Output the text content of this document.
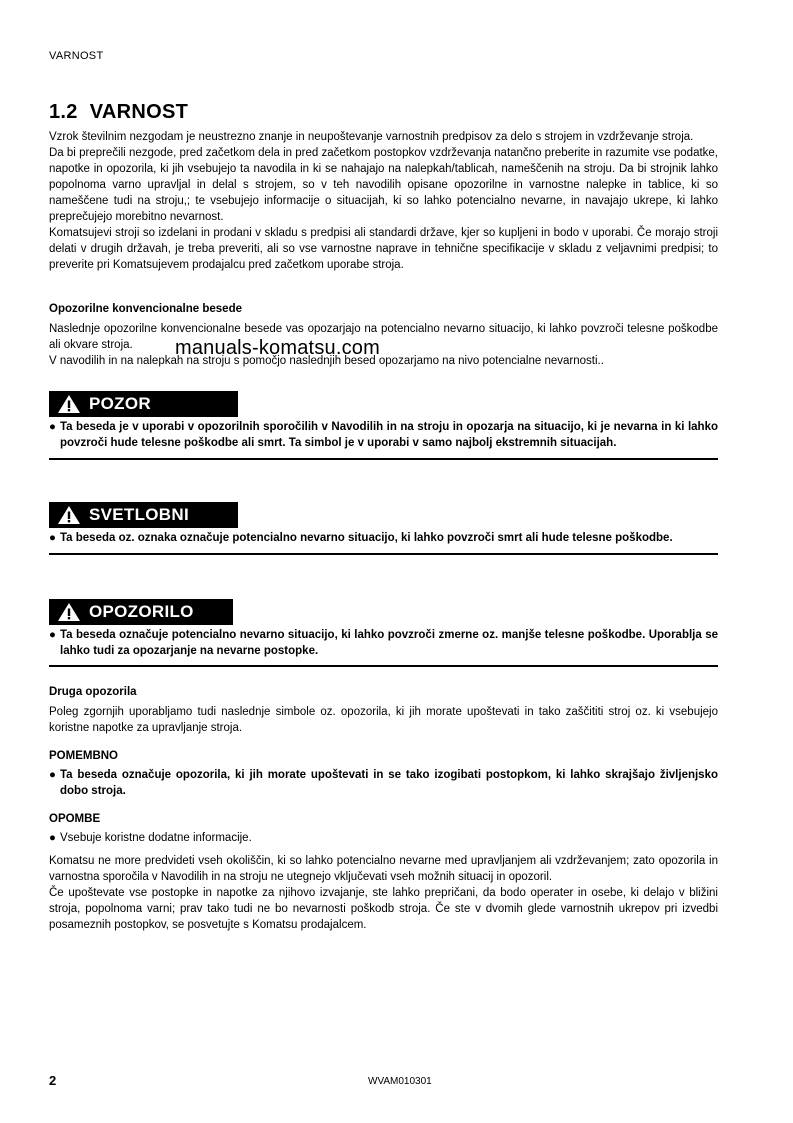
VARNOST
1.2 VARNOST

Vzrok številnim nezgodam je neustrezno znanje in neupoštevanje varnostnih predpisov za delo s strojem in vzdrževanje stroja.

Da bi preprečili nezgode, pred začetkom dela in pred začetkom postopkov vzdrževanja natančno preberite in razumite vse podatke, napotke in opozorila, ki jih vsebujejo ta navodila in ki se nahajajo na nalepkah/tablicah, nameščenih na stroju. Da bi strojnik lahko popolnoma varno upravljal in delal s strojem, so v teh navodilih opisane opozorilne in varnostne nalepke in tablice, ki so nameščene tudi na stroju,; te vsebujejo informacije o situacijah, ki so lahko potencialno nevarne, in navajajo ukrepe, ki lahko preprečujejo morebitno nevarnost.

Komatsujevi stroji so izdelani in prodani v skladu s predpisi ali standardi države, kjer so kupljeni in bodo v uporabi. Če morajo stroji delati v drugih državah, je treba preveriti, ali so vse varnostne naprave in tehnične specifikacije v skladu z veljavnimi predpisi; to preverite pri Komatsujevem prodajalcu pred začetkom uporabe stroja.

Opozorilne konvencionalne besede

Naslednje opozorilne konvencionalne besede vas opozarjajo na potencialno nevarno situacijo, ki lahko povzroči telesne poškodbe ali okvare stroja.

V navodilih in na nalepkah na stroju s pomočjo naslednjih besed opozarjamo na nivo potencialne nevarnosti..

manuals-komatsu.com
POZOR
● Ta beseda je v uporabi v opozorilnih sporočilih v Navodilih in na stroju in opozarja na situacijo, ki je nevarna in ki lahko povzroči hude telesne poškodbe ali smrt. Ta simbol je v uporabi v samo najbolj ekstremnih situacijah.
SVETLOBNI
● Ta beseda oz. oznaka označuje potencialno nevarno situacijo, ki lahko povzroči smrt ali hude telesne poškodbe.
OPOZORILO
● Ta beseda označuje potencialno nevarno situacijo, ki lahko povzroči zmerne oz. manjše telesne poškodbe. Uporablja se lahko tudi za opozarjanje na nevarne postopke.
Druga opozorila
Poleg zgornjih uporabljamo tudi naslednje simbole oz. opozorila, ki jih morate upoštevati in tako zaščititi stroj oz. ki vsebujejo koristne napotke za upravljanje stroja.
POMEMBNO
● Ta beseda označuje opozorila, ki jih morate upoštevati in se tako izogibati postopkom, ki lahko skrajšajo življenjsko dobo stroja.
OPOMBE
● Vsebuje koristne dodatne informacije.

Komatsu ne more predvideti vseh okoliščin, ki so lahko potencialno nevarne med upravljanjem ali vzdrževanjem; zato opozorila in varnostna sporočila v Navodilih in na stroju ne utegnejo vključevati vseh možnih situacij in opozoril.

Če upoštevate vse postopke in napotke za njihovo izvajanje, ste lahko prepričani, da bodo operater in osebe, ki delajo v bližini stroja, popolnoma varni; prav tako tudi ne bo nevarnosti poškodb stroja. Če ste v dvomih glede varnostnih ukrepov pri izvedbi posameznih postopkov, se posvetujte s Komatsu prodajalcem.

2	WVAM010301
